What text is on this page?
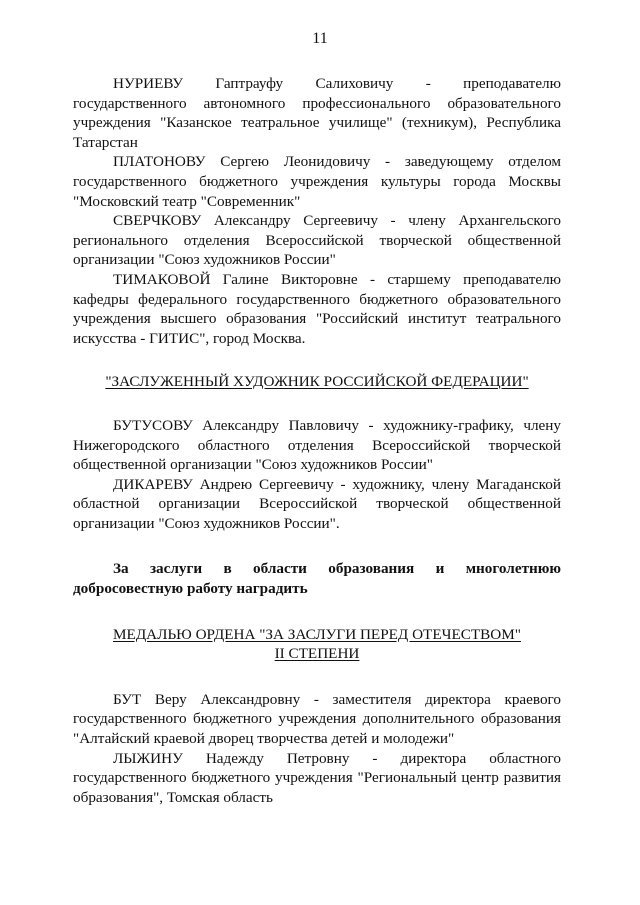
11

НУРИЕВУ Гаптрауфу Салиховичу - преподавателю государственного автономного профессионального образовательного учреждения "Казанское театральное училище" (техникум), Республика Татарстан

ПЛАТОНОВУ Сергею Леонидовичу - заведующему отделом государственного бюджетного учреждения культуры города Москвы "Московский театр "Современник"

СВЕРЧКОВУ Александру Сергеевичу - члену Архангельского регионального отделения Всероссийской творческой общественной организации "Союз художников России"

ТИМАКОВОЙ Галине Викторовне - старшему преподавателю кафедры федерального государственного бюджетного образовательного учреждения высшего образования "Российский институт театрального искусства - ГИТИС", город Москва.

"ЗАСЛУЖЕННЫЙ ХУДОЖНИК РОССИЙСКОЙ ФЕДЕРАЦИИ"

БУТУСОВУ Александру Павловичу - художнику-графику, члену Нижегородского областного отделения Всероссийской творческой общественной организации "Союз художников России"

ДИКАРЕВУ Андрею Сергеевичу - художнику, члену Магаданской областной организации Всероссийской творческой общественной организации "Союз художников России".

За заслуги в области образования и многолетнюю добросовестную работу наградить

МЕДАЛЬЮ ОРДЕНА "ЗА ЗАСЛУГИ ПЕРЕД ОТЕЧЕСТВОМ"
II СТЕПЕНИ

БУТ Веру Александровну - заместителя директора краевого государственного бюджетного учреждения дополнительного образования "Алтайский краевой дворец творчества детей и молодежи"

ЛЫЖИНУ Надежду Петровну - директора областного государственного бюджетного учреждения "Региональный центр развития образования", Томская область
